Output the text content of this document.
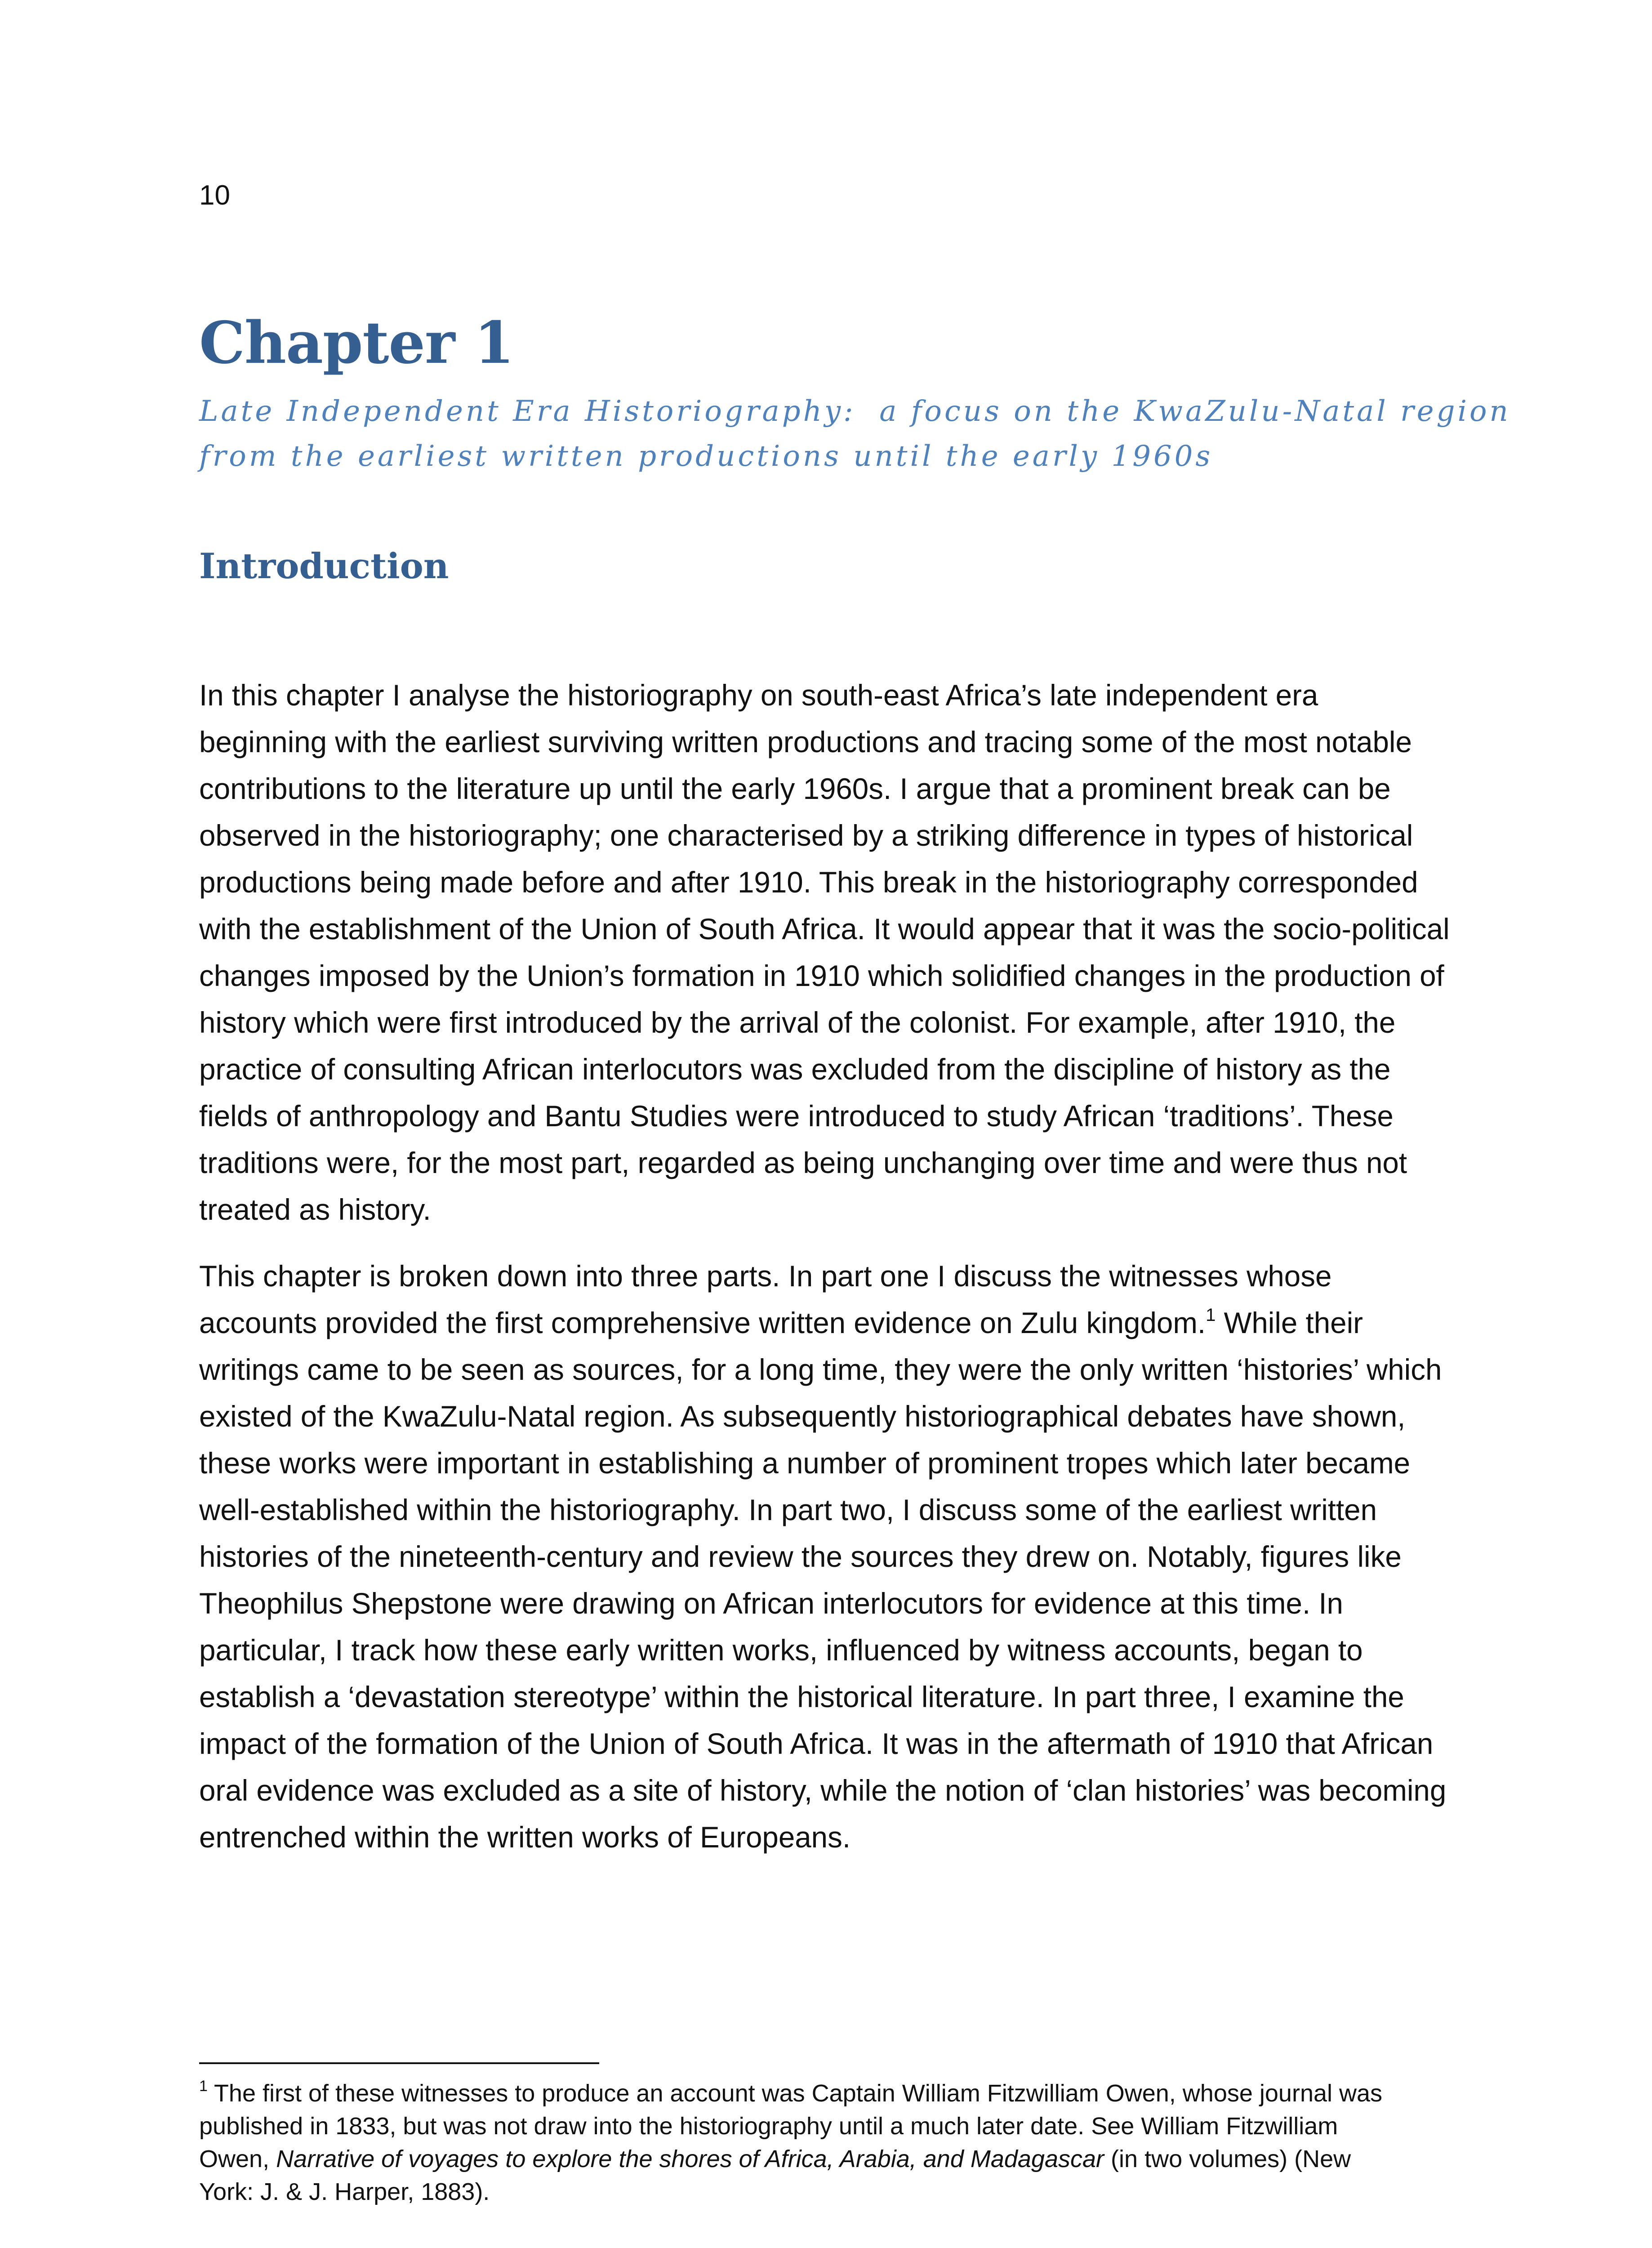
10
Chapter 1
Late Independent Era Historiography:  a focus on the KwaZulu-Natal region
from the earliest written productions until the early 1960s
Introduction

In this chapter I analyse the historiography on south-east Africa’s late independent era beginning with the earliest surviving written productions and tracing some of the most notable contributions to the literature up until the early 1960s. I argue that a prominent break can be observed in the historiography; one characterised by a striking difference in types of historical productions being made before and after 1910. This break in the historiography corresponded with the establishment of the Union of South Africa. It would appear that it was the socio-political changes imposed by the Union’s formation in 1910 which solidified changes in the production of history which were first introduced by the arrival of the colonist. For example, after 1910, the practice of consulting African interlocutors was excluded from the discipline of history as the fields of anthropology and Bantu Studies were introduced to study African ‘traditions’. These traditions were, for the most part, regarded as being unchanging over time and were thus not treated as history.

This chapter is broken down into three parts. In part one I discuss the witnesses whose accounts provided the first comprehensive written evidence on Zulu kingdom.$^1$ While their writings came to be seen as sources, for a long time, they were the only written ‘histories’ which existed of the KwaZulu-Natal region. As subsequently historiographical debates have shown, these works were important in establishing a number of prominent tropes which later became well-established within the historiography. In part two, I discuss some of the earliest written histories of the nineteenth-century and review the sources they drew on. Notably, figures like Theophilus Shepstone were drawing on African interlocutors for evidence at this time. In particular, I track how these early written works, influenced by witness accounts, began to establish a ‘devastation stereotype’ within the historical literature. In part three, I examine the impact of the formation of the Union of South Africa. It was in the aftermath of 1910 that African oral evidence was excluded as a site of history, while the notion of ‘clan histories’ was becoming entrenched within the written works of Europeans.

$^1$ The first of these witnesses to produce an account was Captain William Fitzwilliam Owen, whose journal was
published in 1833, but was not draw into the historiography until a much later date. See William Fitzwilliam
Owen, Narrative of voyages to explore the shores of Africa, Arabia, and Madagascar (in two volumes) (New
York: J. & J. Harper, 1883).
